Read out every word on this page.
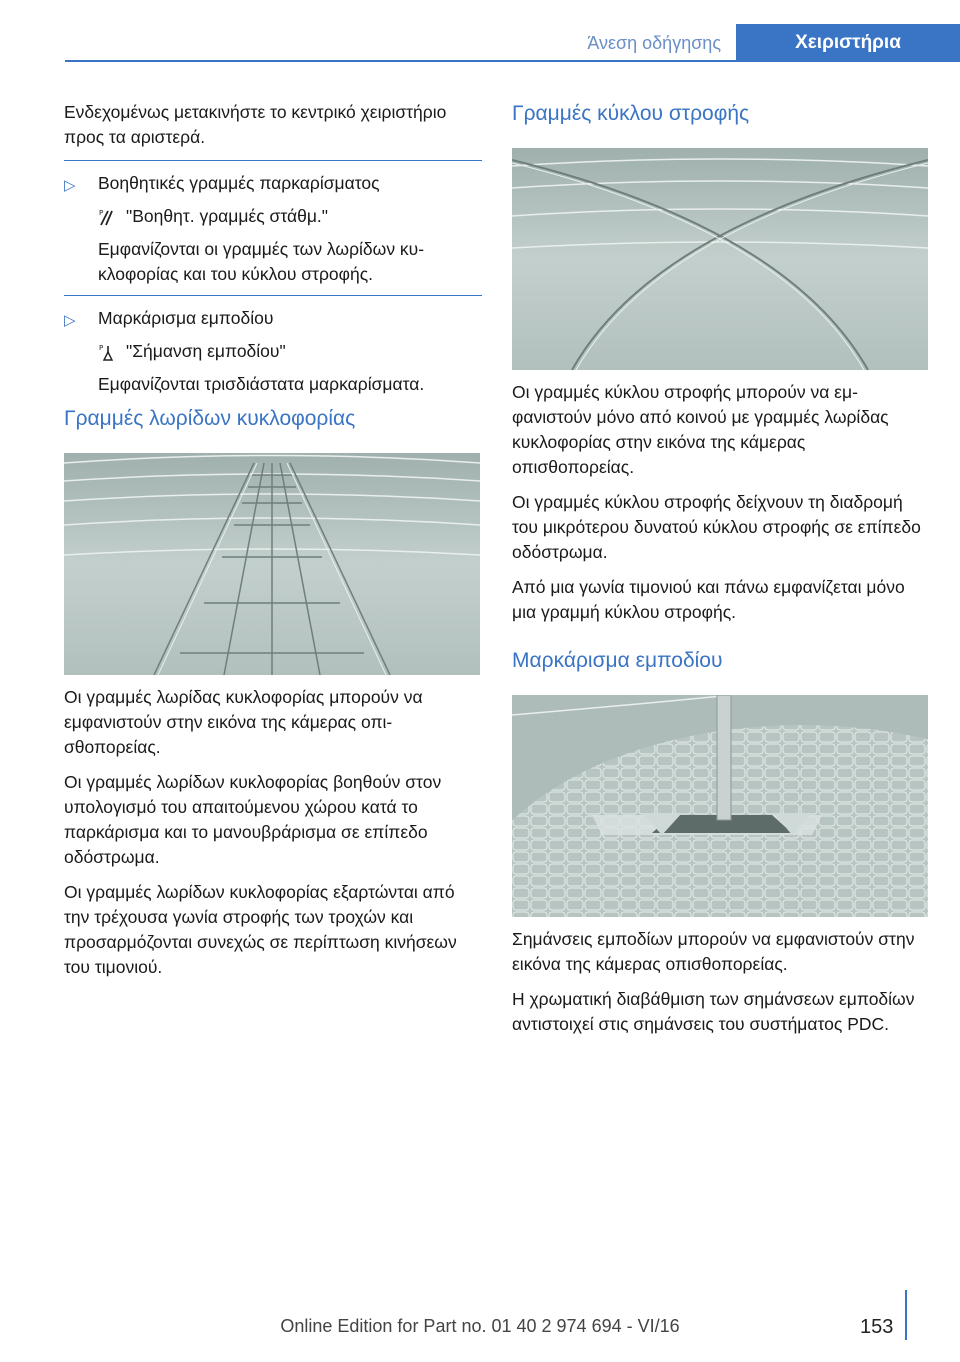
Άνεση οδήγησης	Χειριστήρια

Ενδεχομένως μετακινήστε το κεντρικό χειριστήριο προς τα αριστερά.

▷ Βοηθητικές γραμμές παρκαρίσματος

P "Βοηθητ. γραμμές στάθμ."

Εμφανίζονται οι γραμμές των λωρίδων κυκλοφορίας και του κύκλου στροφής.

▷ Μαρκάρισμα εμποδίου

P "Σήμανση εμποδίου"

Εμφανίζονται τρισδιάστατα μαρκαρίσματα.

Γραμμές λωρίδων κυκλοφορίας

Οι γραμμές λωρίδας κυκλοφορίας μπορούν να εμφανιστούν στην εικόνα της κάμερας οπισθοπορείας.

Οι γραμμές λωρίδων κυκλοφορίας βοηθούν στον υπολογισμό του απαιτούμενου χώρου κατά το παρκάρισμα και το μανουβράρισμα σε επίπεδο οδόστρωμα.

Οι γραμμές λωρίδων κυκλοφορίας εξαρτώνται από την τρέχουσα γωνία στροφής των τροχών και προσαρμόζονται συνεχώς σε περίπτωση κινήσεων του τιμονιού.

Γραμμές κύκλου στροφής

Οι γραμμές κύκλου στροφής μπορούν να εμφανιστούν μόνο από κοινού με γραμμές λωρίδας κυκλοφορίας στην εικόνα της κάμερας οπισθοπορείας.

Οι γραμμές κύκλου στροφής δείχνουν τη διαδρομή του μικρότερου δυνατού κύκλου στροφής σε επίπεδο οδόστρωμα.

Από μια γωνία τιμονιού και πάνω εμφανίζεται μόνο μια γραμμή κύκλου στροφής.

Μαρκάρισμα εμποδίου

Σημάνσεις εμποδίων μπορούν να εμφανιστούν στην εικόνα της κάμερας οπισθοπορείας.

Η χρωματική διαβάθμιση των σημάνσεων εμποδίων αντιστοιχεί στις σημάνσεις του συστήματος PDC.

153
Online Edition for Part no. 01 40 2 974 694 - VI/16
